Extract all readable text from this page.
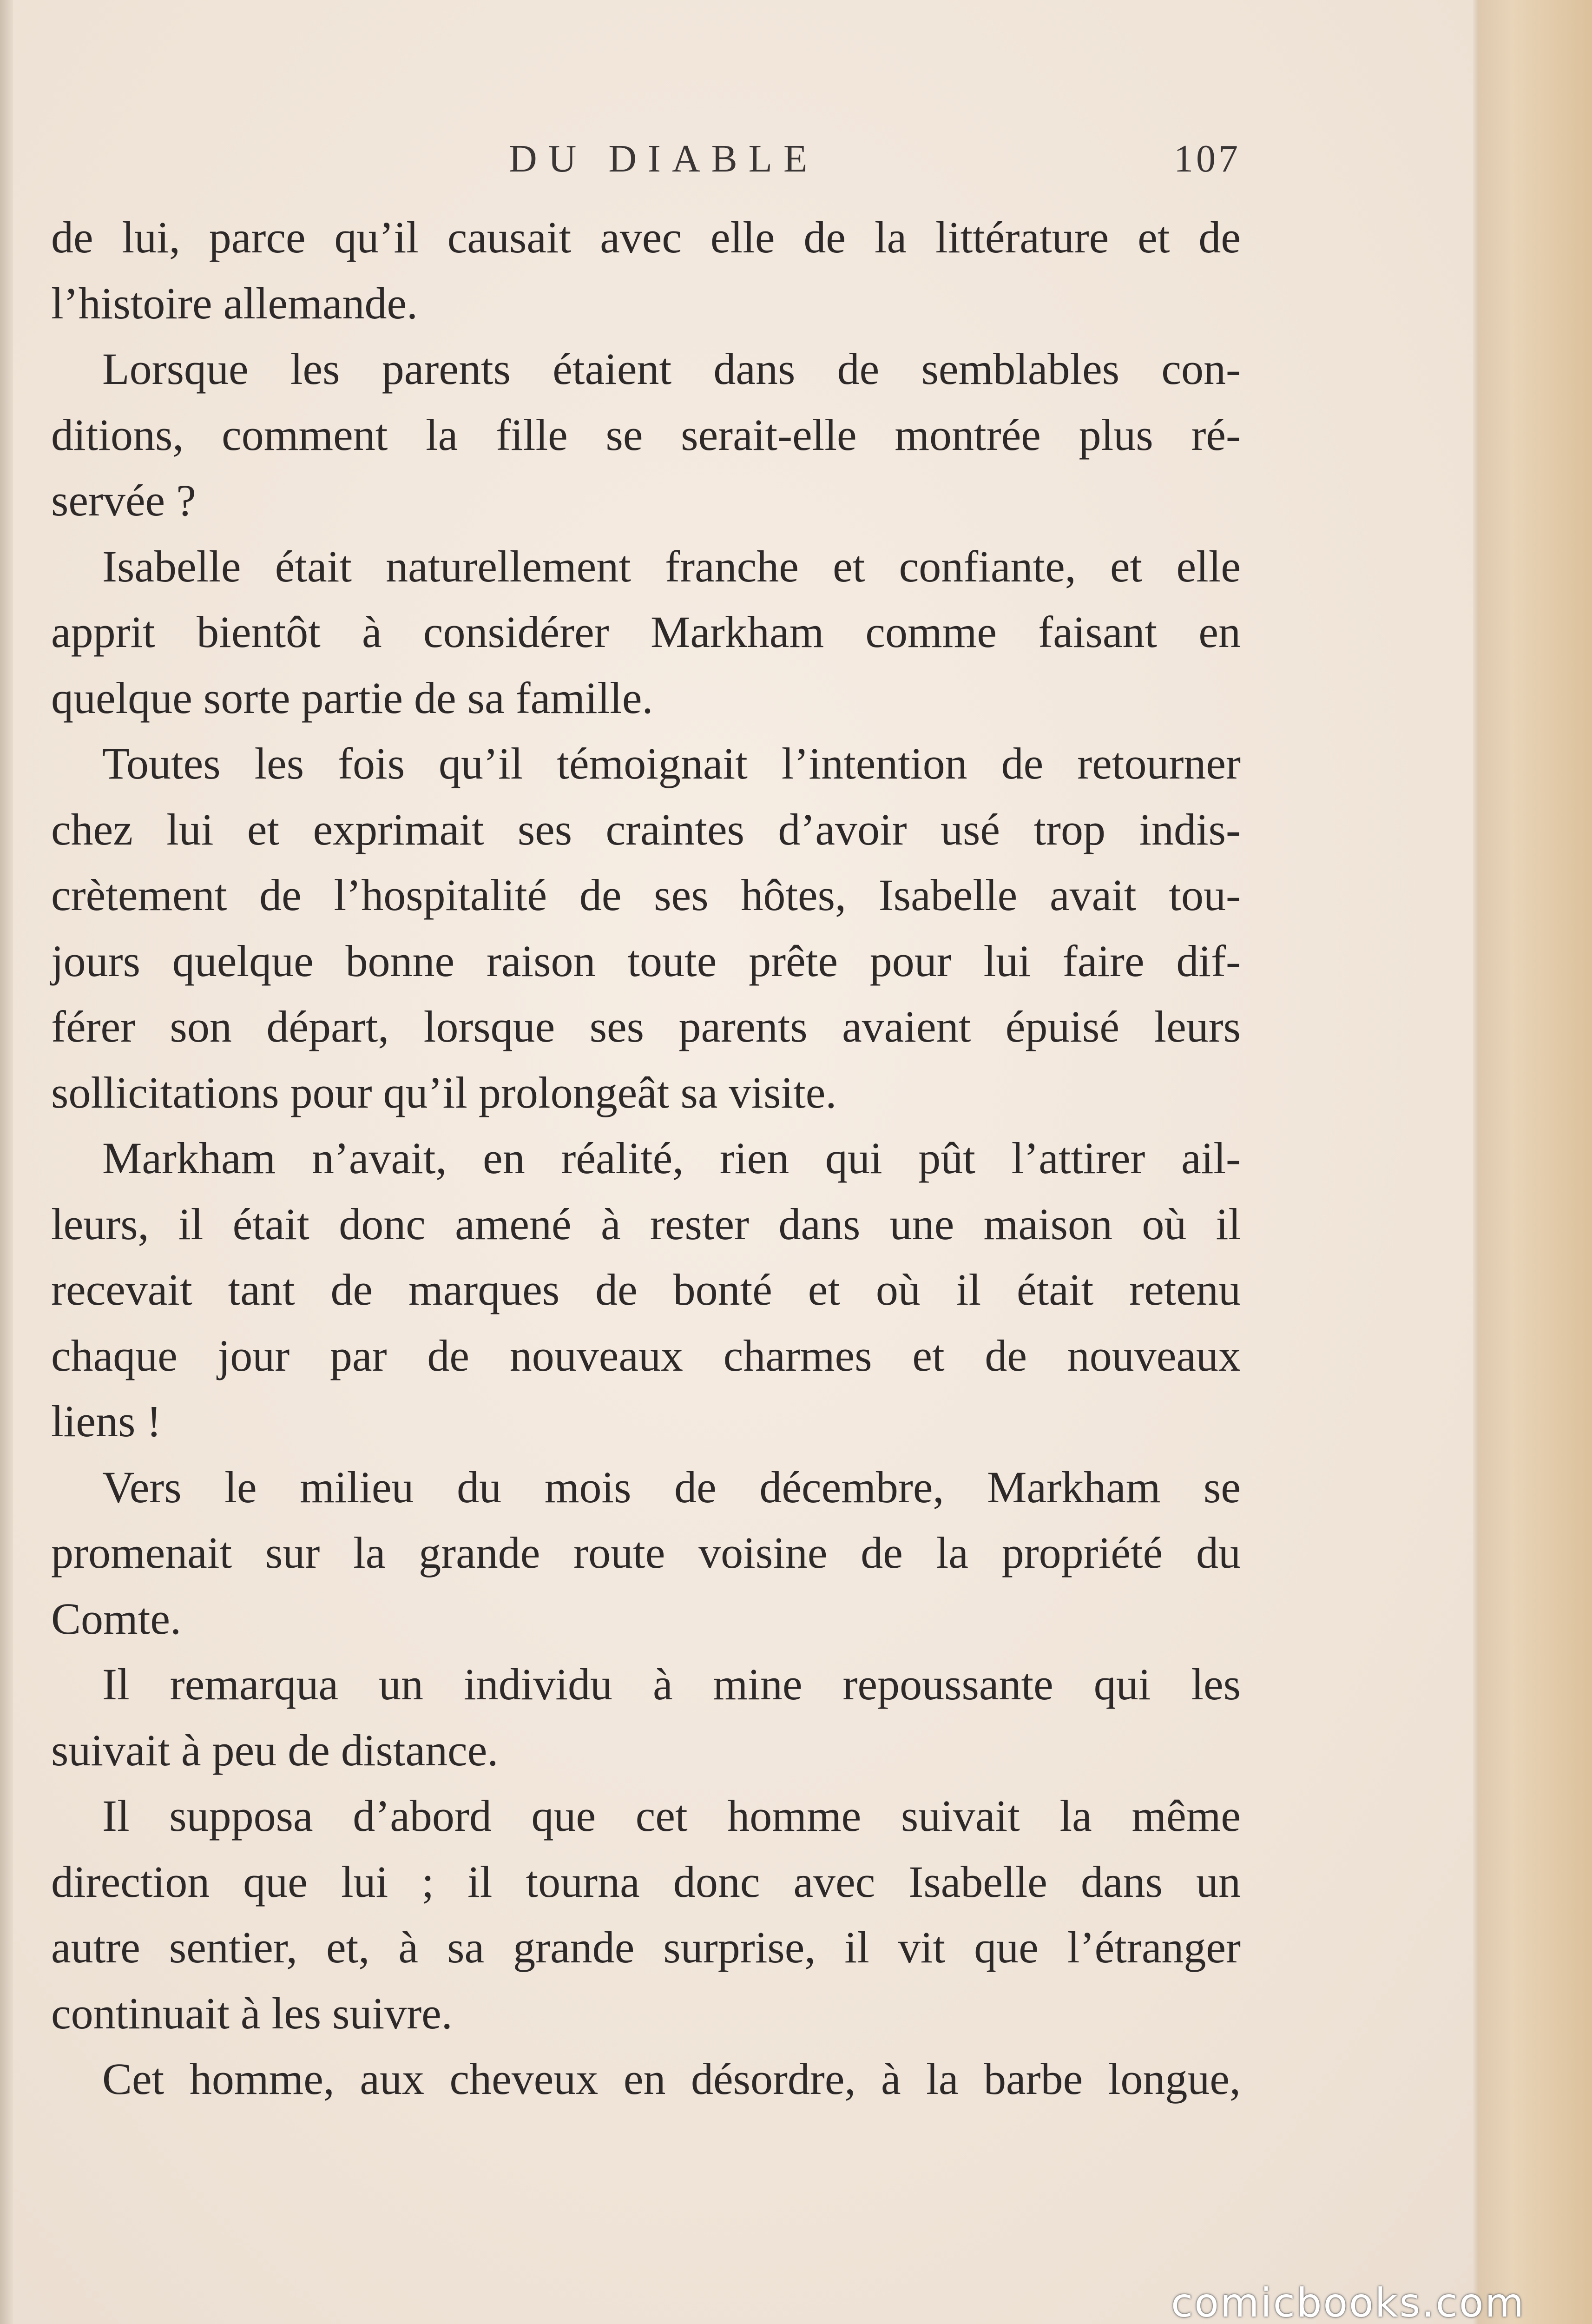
DU DIABLE	107
de lui, parce qu’il causait avec elle de la littérature et de
l’histoire allemande.
Lorsque les parents étaient dans de semblables con-
ditions, comment la fille se serait-elle montrée plus ré-
servée ?
Isabelle était naturellement franche et confiante, et elle
apprit bientôt à considérer Markham comme faisant en
quelque sorte partie de sa famille.
Toutes les fois qu’il témoignait l’intention de retourner
chez lui et exprimait ses craintes d’avoir usé trop indis-
crètement de l’hospitalité de ses hôtes, Isabelle avait tou-
jours quelque bonne raison toute prête pour lui faire dif-
férer son départ, lorsque ses parents avaient épuisé leurs
sollicitations pour qu’il prolongeât sa visite.
Markham n’avait, en réalité, rien qui pût l’attirer ail-
leurs, il était donc amené à rester dans une maison où il
recevait tant de marques de bonté et où il était retenu
chaque jour par de nouveaux charmes et de nouveaux
liens !
Vers le milieu du mois de décembre, Markham se
promenait sur la grande route voisine de la propriété du
Comte.
Il remarqua un individu à mine repoussante qui les
suivait à peu de distance.
Il supposa d’abord que cet homme suivait la même
direction que lui ; il tourna donc avec Isabelle dans un
autre sentier, et, à sa grande surprise, il vit que l’étranger
continuait à les suivre.
Cet homme, aux cheveux en désordre, à la barbe longue,
comicbooks.com
